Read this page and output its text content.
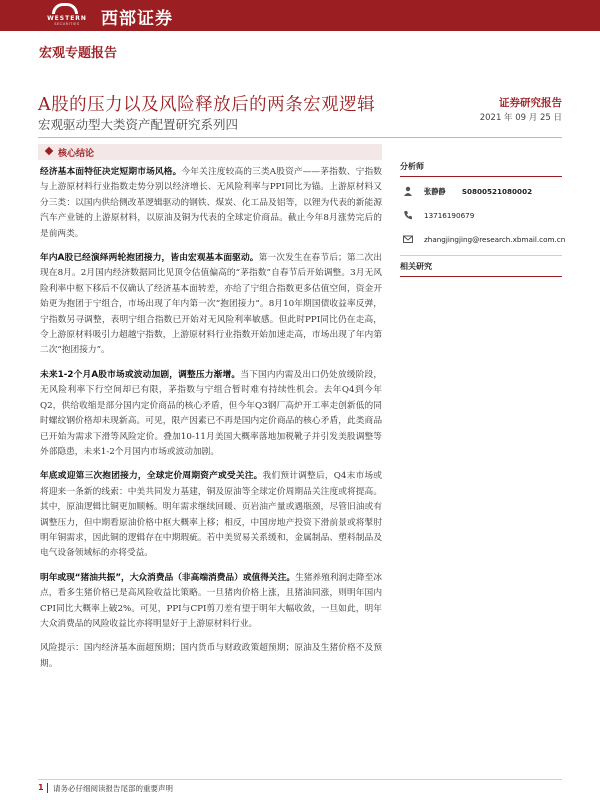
WESTERN
SECURITIES	西部证券
宏观专题报告
A股的压力以及风险释放后的两条宏观逻辑
宏观驱动型大类资产配置研究系列四
证券研究报告
2021 年 09 月 25 日
核心结论

经济基本面特征决定短期市场风格。今年关注度较高的三类A股资产——茅指数、宁指数与上游原材料行业指数走势分别以经济增长、无风险利率与PPI同比为锚。上游原材料又分三类：以国内供给侧改革逻辑驱动的钢铁、煤炭、化工品及铝等，以锂为代表的新能源汽车产业链的上游原材料，以原油及铜为代表的全球定价商品。截止今年8月涨势完后的是前两类。

年内A股已经演绎两轮抱团接力，皆由宏观基本面驱动。第一次发生在春节后；第二次出现在8月。2月国内经济数据同比见顶令估值偏高的“茅指数”自春节后开始调整。3月无风险利率中枢下移后不仅确认了经济基本面转差，亦给了宁组合指数更多估值空间，资金开始更为抱团于宁组合，市场出现了年内第一次“抱团接力”。8月10年期国债收益率反弹，宁指数另寻调整，表明宁组合指数已开始对无风险利率敏感。但此时PPI同比仍在走高，令上游原材料吸引力超越宁指数，上游原材料行业指数开始加速走高，市场出现了年内第二次“抱团接力”。

未来1-2个月A股市场或波动加剧，调整压力渐增。当下国内内需及出口仍处放缓阶段，无风险利率下行空间却已有限，茅指数与宁组合暂时难有持续性机会。去年Q4到今年Q2，供给收缩是部分国内定价商品的核心矛盾，但今年Q3钢厂高炉开工率走创新低的同时螺纹钢价格却未现新高。可见，限产因素已不再是国内定价商品的核心矛盾，此类商品已开始为需求下滑等风险定价。叠加10-11月美国大概率落地加税靴子并引发美股调整等外部隐患，未来1-2个月国内市场或波动加剧。

年底或迎第三次抱团接力，全球定价周期资产或受关注。我们预计调整后，Q4末市场或将迎来一条新的线索：中美共同发力基建，铜及原油等全球定价周期品关注度或将提高。其中，原油逻辑比铜更加顺畅。明年需求继续回暖、页岩油产量或遇瓶颈，尽管旧油或有调整压力，但中期看原油价格中枢大概率上移；相反，中国房地产投资下滑前景或将掣肘明年铜需求，因此铜的逻辑存在中期瑕疵。若中美贸易关系缓和，金属制品、塑料制品及电气设备领域标的亦将受益。

明年或现“猪油共振”，大众消费品（非高端消费品）或值得关注。生猪养殖利润走降至冰点，看多生猪价格已是高风险收益比策略。一旦猪肉价格上涨，且猪油同涨，则明年国内CPI同比大概率上破2%。可见，PPI与CPI剪刀差有望于明年大幅收敛，一旦如此，明年大众消费品的风险收益比亦将明显好于上游原材料行业。

风险提示：国内经济基本面超预期；国内货币与财政政策超预期；原油及生猪价格不及预期。

分析师
张静静 S0800521080002
13716190679
zhangjingjing@research.xbmail.com.cn
相关研究
1 请务必仔细阅读报告尾部的重要声明
